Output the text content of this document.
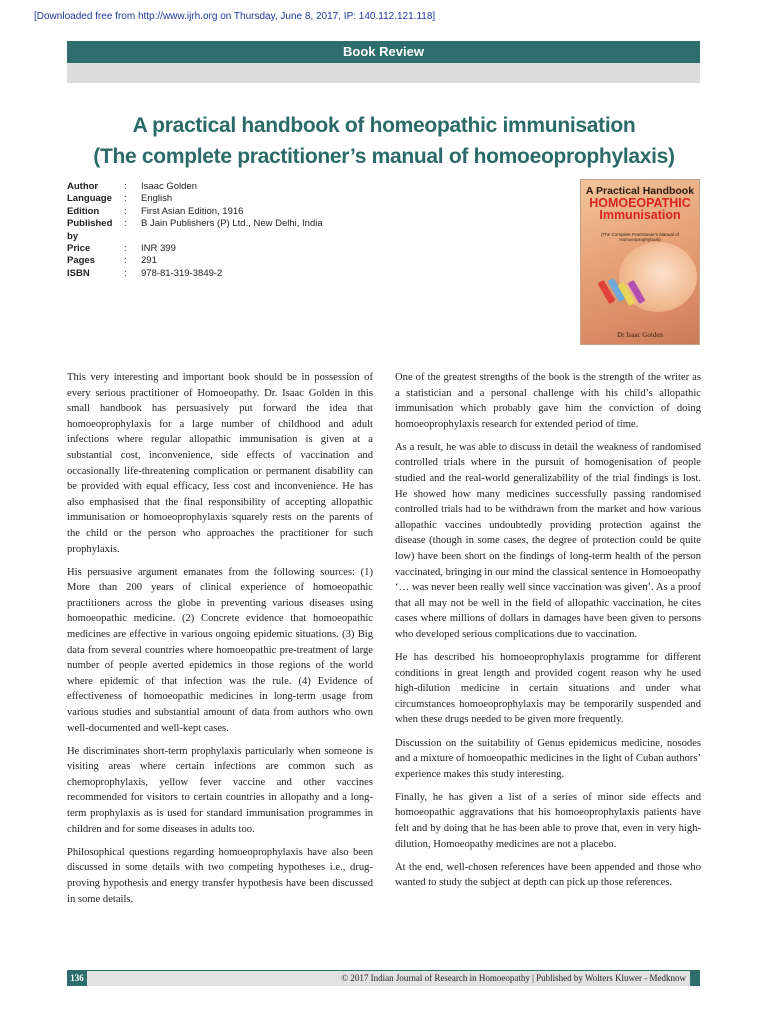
[Downloaded free from http://www.ijrh.org on Thursday, June 8, 2017, IP: 140.112.121.118]
Book Review
A practical handbook of homeopathic immunisation
(The complete practitioner’s manual of homoeoprophylaxis)
Author	:	Isaac Golden
Language	:	English
Edition	:	First Asian Edition, 1916
Published by
:	B Jain Publishers (P) Ltd., New Delhi, India
Price	:	INR 399
Pages	:	291
ISBN	:	978-81-319-3849-2
A Practical Handbook
HOMOEOPATHIC Immunisation
(The Complete Practitioner's Manual of Homoeoprophylaxis)
Dr Isaac Golden

This very interesting and important book should be in possession of every serious practitioner of Homoeopathy. Dr. Isaac Golden in this small handbook has persuasively put forward the idea that homoeoprophylaxis for a large number of childhood and adult infections where regular allopathic immunisation is given at a substantial cost, inconvenience, side effects of vaccination and occasionally life-threatening complication or permanent disability can be provided with equal efficacy, less cost and inconvenience. He has also emphasised that the final responsibility of accepting allopathic immunisation or homoeoprophylaxis squarely rests on the parents of the child or the person who approaches the practitioner for such prophylaxis.

His persuasive argument emanates from the following sources: (1) More than 200 years of clinical experience of homoeopathic practitioners across the globe in preventing various diseases using homoeopathic medicine. (2) Concrete evidence that homoeopathic medicines are effective in various ongoing epidemic situations. (3) Big data from several countries where homoeopathic pre-treatment of large number of people averted epidemics in those regions of the world where epidemic of that infection was the rule. (4) Evidence of effectiveness of homoeopathic medicines in long-term usage from various studies and substantial amount of data from authors who own well-documented and well-kept cases.

He discriminates short-term prophylaxis particularly when someone is visiting areas where certain infections are common such as chemoprophylaxis, yellow fever vaccine and other vaccines recommended for visitors to certain countries in allopathy and a long-term prophylaxis as is used for standard immunisation programmes in children and for some diseases in adults too.

Philosophical questions regarding homoeoprophylaxis have also been discussed in some details with two competing hypotheses i.e., drug-proving hypothesis and energy transfer hypothesis have been discussed in some details.

One of the greatest strengths of the book is the strength of the writer as a statistician and a personal challenge with his child’s allopathic immunisation which probably gave him the conviction of doing homoeoprophylaxis research for extended period of time.

As a result, he was able to discuss in detail the weakness of randomised controlled trials where in the pursuit of homogenisation of people studied and the real-world generalizability of the trial findings is lost. He showed how many medicines successfully passing randomised controlled trials had to be withdrawn from the market and how various allopathic vaccines undoubtedly providing protection against the disease (though in some cases, the degree of protection could be quite low) have been short on the findings of long-term health of the person vaccinated, bringing in our mind the classical sentence in Homoeopathy ‘… was never been really well since vaccination was given’. As a proof that all may not be well in the field of allopathic vaccination, he cites cases where millions of dollars in damages have been given to persons who developed serious complications due to vaccination.

He has described his homoeoprophylaxis programme for different conditions in great length and provided cogent reason why he used high-dilution medicine in certain situations and under what circumstances homoeoprophylaxis may be temporarily suspended and when these drugs needed to be given more frequently.

Discussion on the suitability of Genus epidemicus medicine, nosodes and a mixture of homoeopathic medicines in the light of Cuban authors’ experience makes this study interesting.

Finally, he has given a list of a series of minor side effects and homoeopathic aggravations that his homoeoprophylaxis patients have felt and by doing that he has been able to prove that, even in very high-dilution, Homoeopathy medicines are not a placebo.

At the end, well-chosen references have been appended and those who wanted to study the subject at depth can pick up those references.

136	© 2017 Indian Journal of Research in Homoeopathy | Published by Wolters Kluwer - Medknow
